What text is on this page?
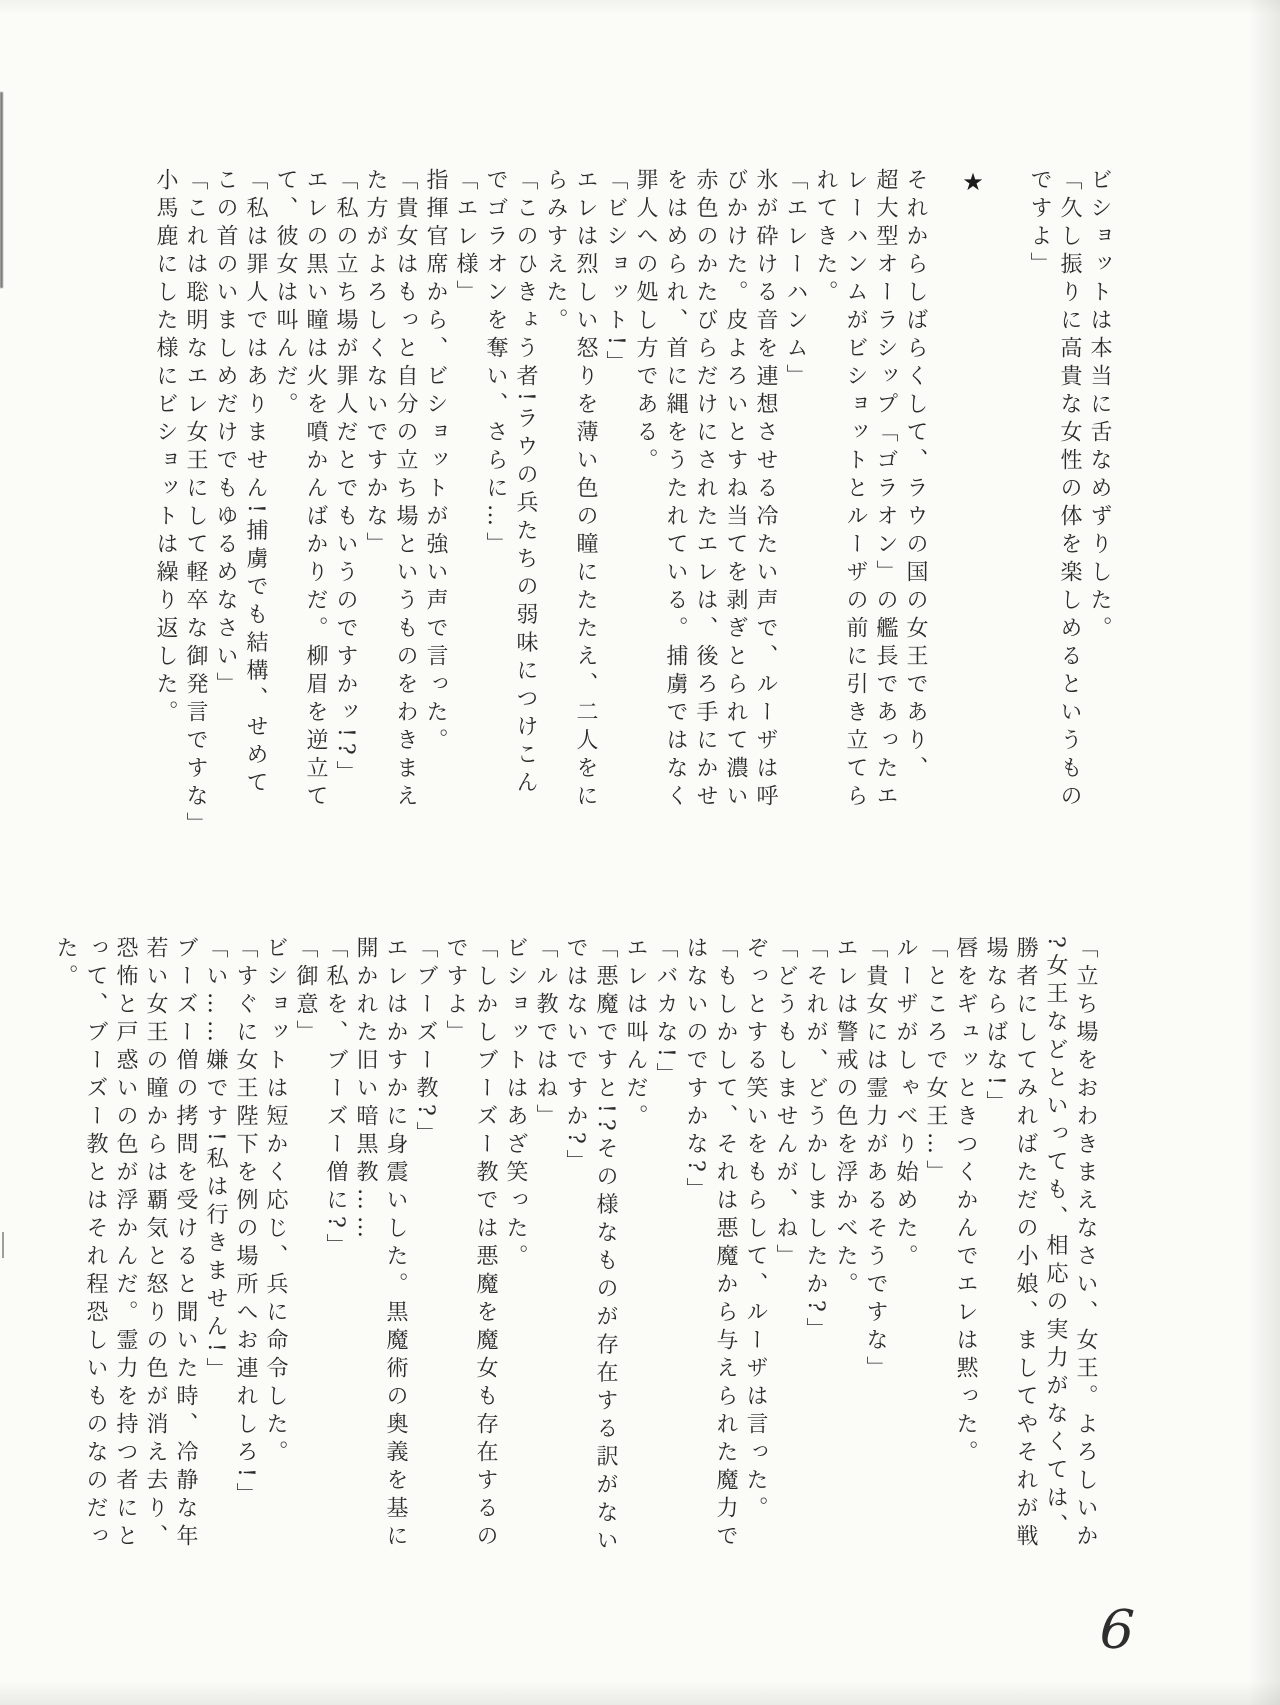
ビショットは本当に舌なめずりした。

「久し振りに高貴な女性の体を楽しめるというもの

ですよ」

★

それからしばらくして、ラウの国の女王であり、

超大型オーラシップ「ゴラオン」の艦長であったエ

レーハンムがビショットとルーザの前に引き立てら

れてきた。

「エレーハンム」

氷が砕ける音を連想させる冷たい声で、ルーザは呼

びかけた。皮よろいとすね当てを剥ぎとられて濃い

赤色のかたびらだけにされたエレは、後ろ手にかせ

をはめられ、首に縄をうたれている。捕虜ではなく

罪人への処し方である。

「ビショット!」

エレは烈しい怒りを薄い色の瞳にたたえ、二人をに

らみすえた。

「このひきょう者!ラウの兵たちの弱味につけこん

でゴラオンを奪い、さらに…」

「エレ様」

指揮官席から、ビショットが強い声で言った。

「貴女はもっと自分の立ち場というものをわきまえ

た方がよろしくないですかな」

「私の立ち場が罪人だとでもいうのですかッ!?」

エレの黒い瞳は火を噴かんばかりだ。柳眉を逆立て

て、彼女は叫んだ。

「私は罪人ではありません!捕虜でも結構、せめて

この首のいましめだけでもゆるめなさい」

「これは聡明なエレ女王にして軽卒な御発言ですな」

小馬鹿にした様にビショットは繰り返した。

「立ち場をおわきまえなさい、女王。よろしいか

?女王などといっても、相応の実力がなくては、

勝者にしてみればただの小娘、ましてやそれが戦

場ならばな!」

唇をギュッときつくかんでエレは黙った。

「ところで女王…」

ルーザがしゃべり始めた。

「貴女には霊力があるそうですな」

エレは警戒の色を浮かべた。

「それが、どうかしましたか?」

「どうもしませんが、ね」

ぞっとする笑いをもらして、ルーザは言った。

「もしかして、それは悪魔から与えられた魔力で

はないのですかな?」

「バカな!」

エレは叫んだ。

「悪魔ですと!?その様なものが存在する訳がない

ではないですか?」

「ル教ではね」

ビショットはあざ笑った。

「しかしブーズー教では悪魔を魔女も存在するの

ですよ」

「ブーズー教?」

エレはかすかに身震いした。黒魔術の奥義を基に

開かれた旧い暗黒教……

「私を、ブーズー僧に?」

「御意」

ビショットは短かく応じ、兵に命令した。

「すぐに女王陛下を例の場所へお連れしろ!」

「い……嫌です!私は行きません!」

ブーズー僧の拷問を受けると聞いた時、冷静な年

若い女王の瞳からは覇気と怒りの色が消え去り、

恐怖と戸惑いの色が浮かんだ。霊力を持つ者にと

って、ブーズー教とはそれ程恐しいものなのだっ

た。

6
